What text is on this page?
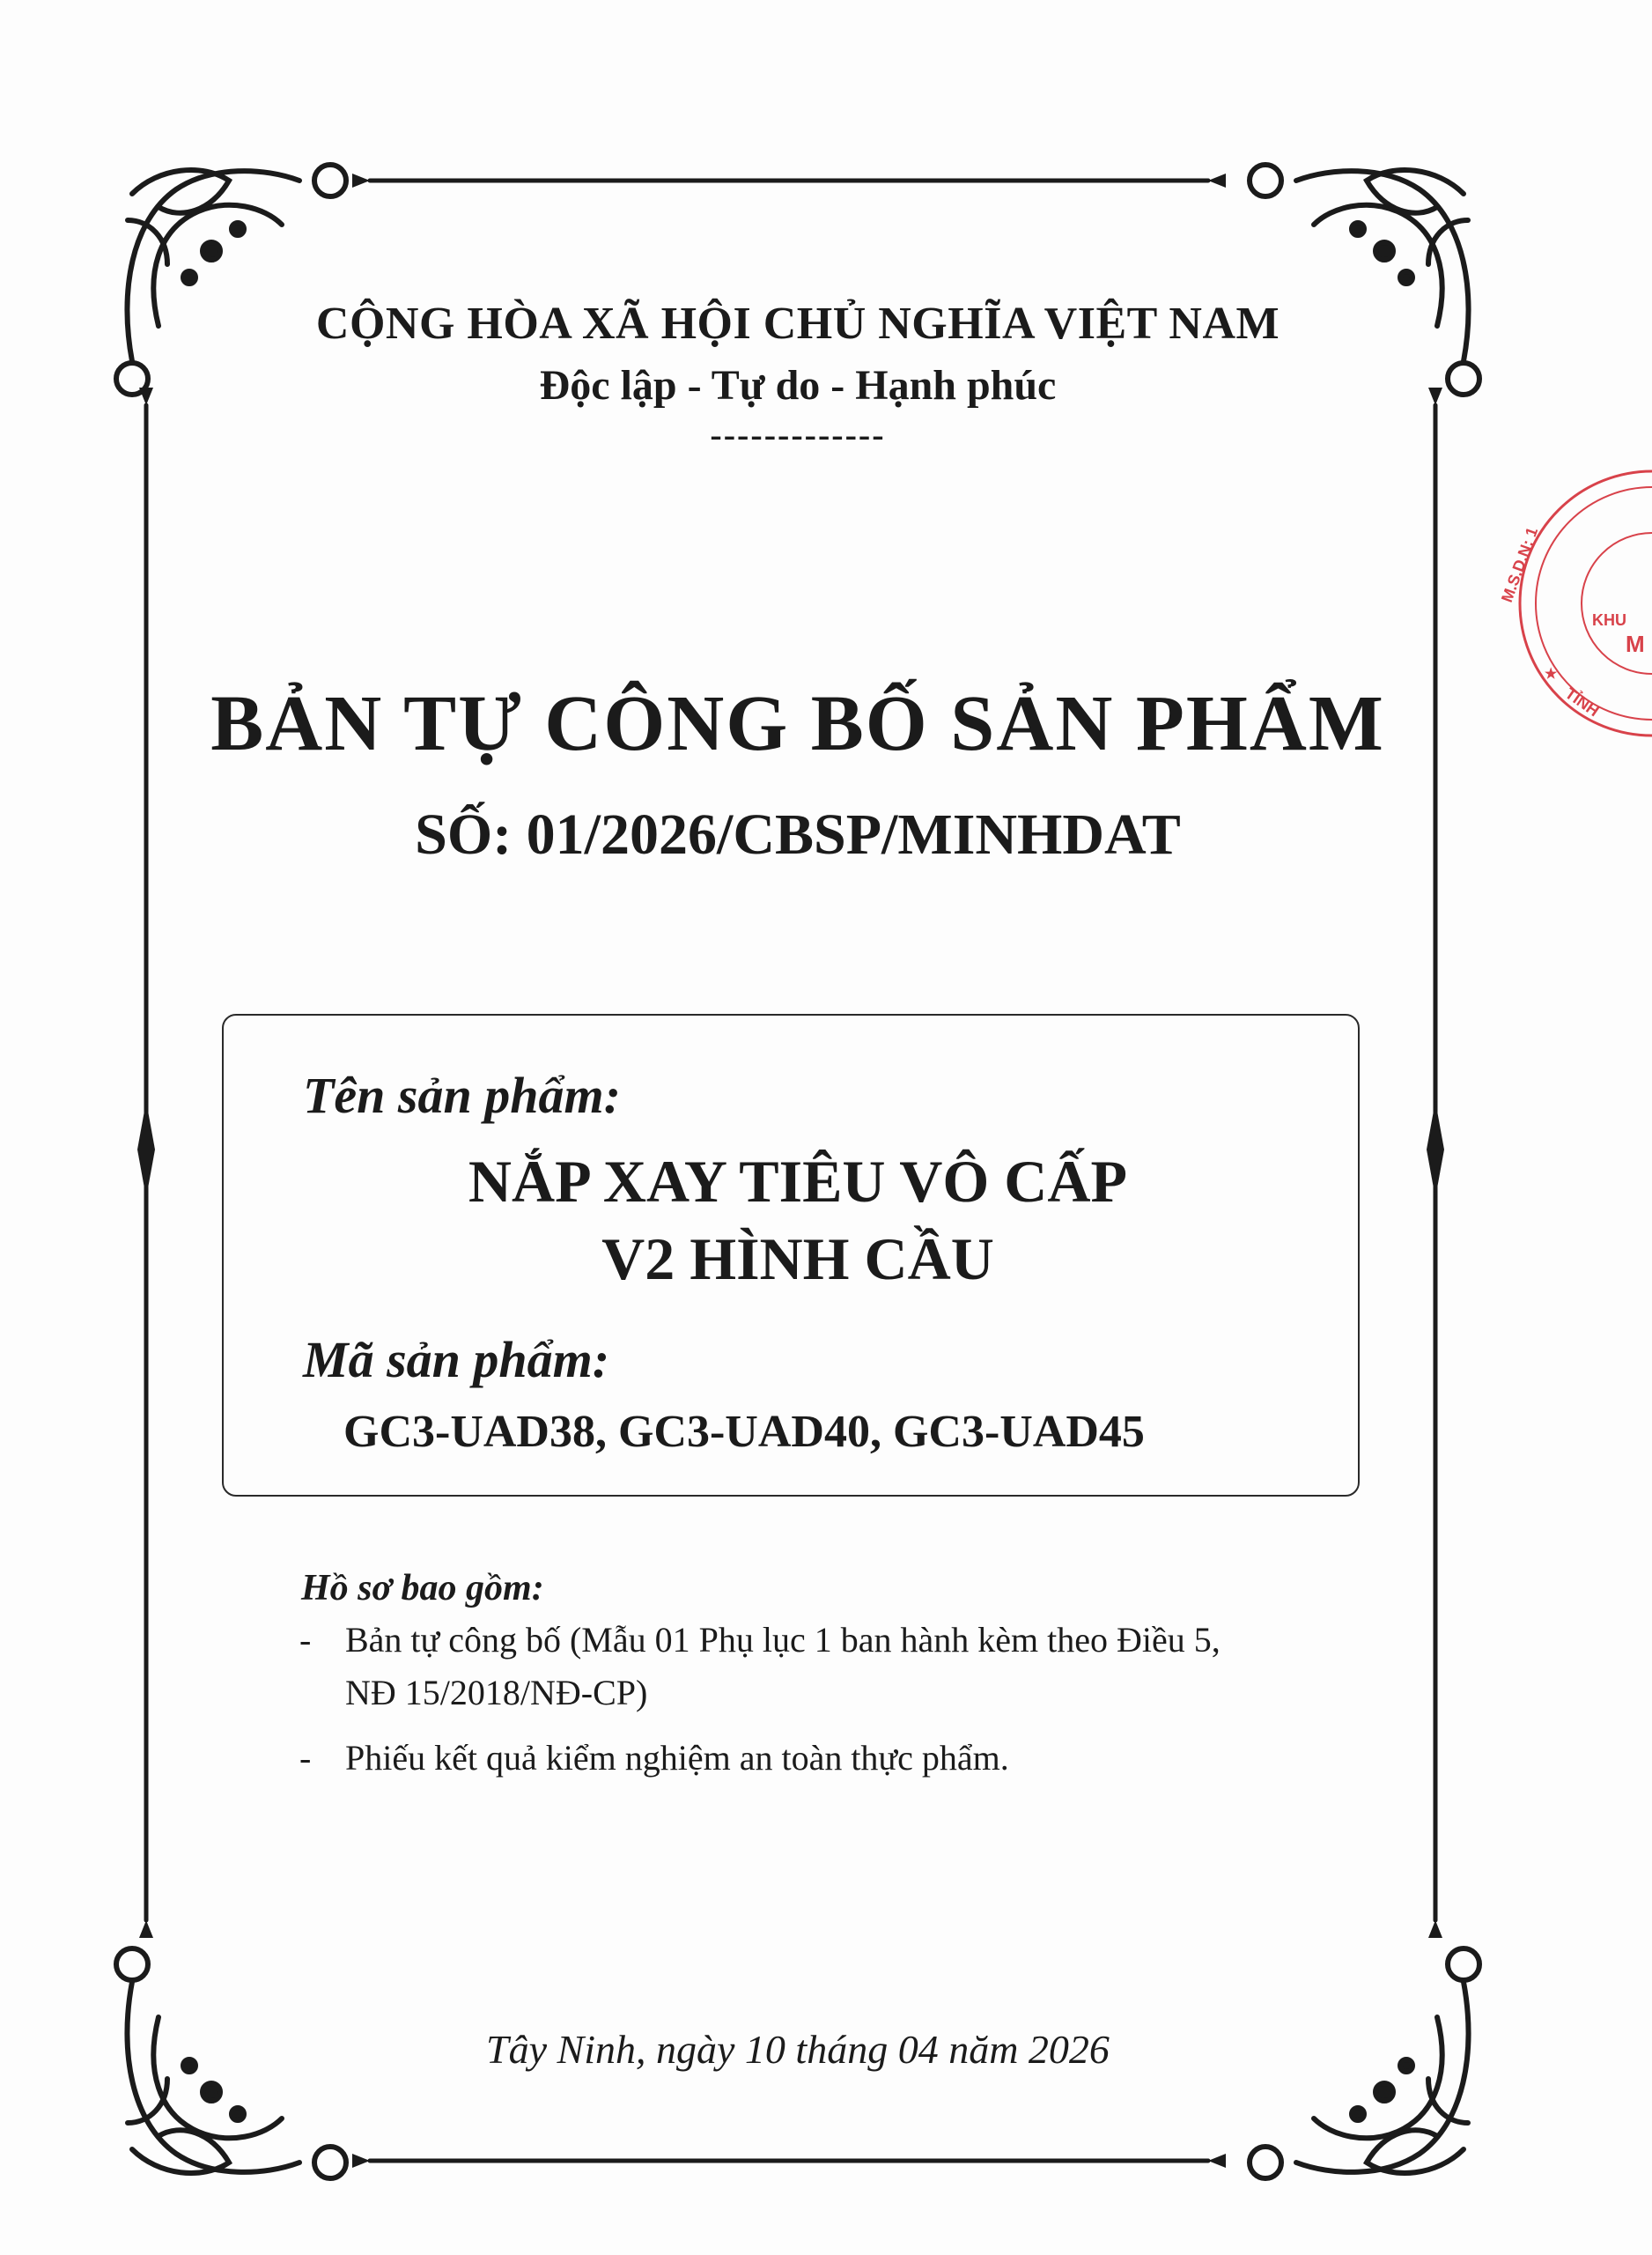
CỘNG HÒA XÃ HỘI CHỦ NGHĨA VIỆT NAM
Độc lập - Tự do - Hạnh phúc
-------------
BẢN TỰ CÔNG BỐ SẢN PHẨM
SỐ: 01/2026/CBSP/MINHDAT
Tên sản phẩm:
NẮP XAY TIÊU VÔ CẤP
V2 HÌNH CẦU
Mã sản phẩm:
GC3-UAD38, GC3-UAD40, GC3-UAD45
Hồ sơ bao gồm:
- Bản tự công bố (Mẫu 01 Phụ lục 1 ban hành kèm theo Điều 5, NĐ 15/2018/NĐ-CP)
- Phiếu kết quả kiểm nghiệm an toàn thực phẩm.
Tây Ninh, ngày 10 tháng 04 năm 2026
M.S.D.N: 1
KHU
M
TỈNH
★
